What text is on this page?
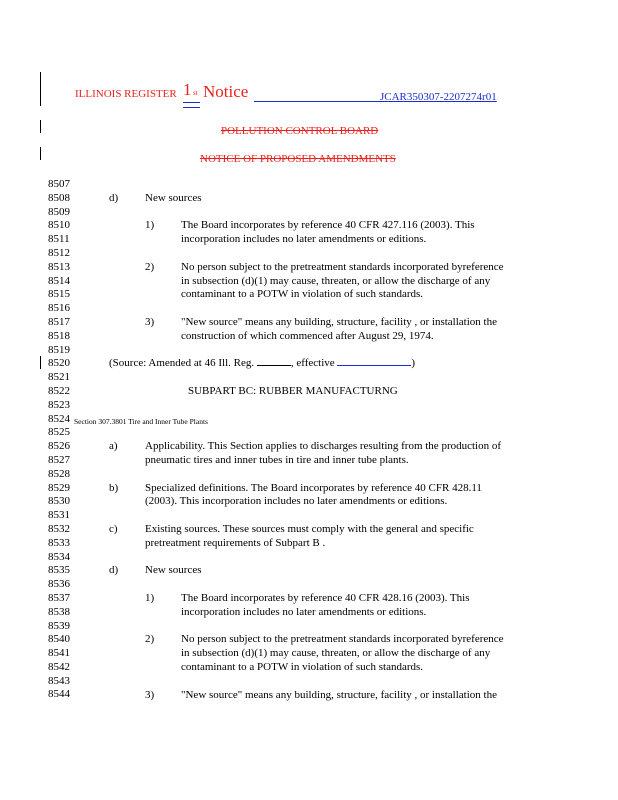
ILLINOIS REGISTER 1 st Notice	JCAR350307-2207274r01
POLLUTION CONTROL BOARD
NOTICE OF PROPOSED AMENDMENTS
8507
8508
8509
8510
8511
8512
8513
8514
8515
8516
8517
8518
8519
8520
8521
8522
8523
8524
8525
8526
8527
8528
8529
8530
8531
8532
8533
8534
8535
8536
8537
8538
8539
8540
8541
8542
8543
8544
d) New sources
1) The Board incorporates by reference 40 CFR 427.116 (2003). This
incorporation includes no later amendments or editions.
2) No person subject to the pretreatment standards incorporated byreference
in subsection (d)(1) may cause, threaten, or allow the discharge of any
contaminant to a POTW in violation of such standards.
3) "New source" means any building, structure, facility , or installation the
construction of which commenced after August 29, 1974.
(Source: Amended at 46 Ill. Reg.	, effective	)
SUBPART BC: RUBBER MANUFACTURNG
Section 307.3801 Tire and Inner Tube Plants
a) Applicability. This Section applies to discharges resulting from the production of
pneumatic tires and inner tubes in tire and inner tube plants.
b) Specialized definitions. The Board incorporates by reference 40 CFR 428.11
(2003). This incorporation includes no later amendments or editions.
c) Existing sources. These sources must comply with the general and specific
pretreatment requirements of Subpart B .
d) New sources
1) The Board incorporates by reference 40 CFR 428.16 (2003). This
incorporation includes no later amendments or editions.
2) No person subject to the pretreatment standards incorporated byreference
in subsection (d)(1) may cause, threaten, or allow the discharge of any
contaminant to a POTW in violation of such standards.
3) "New source" means any building, structure, facility , or installation the
